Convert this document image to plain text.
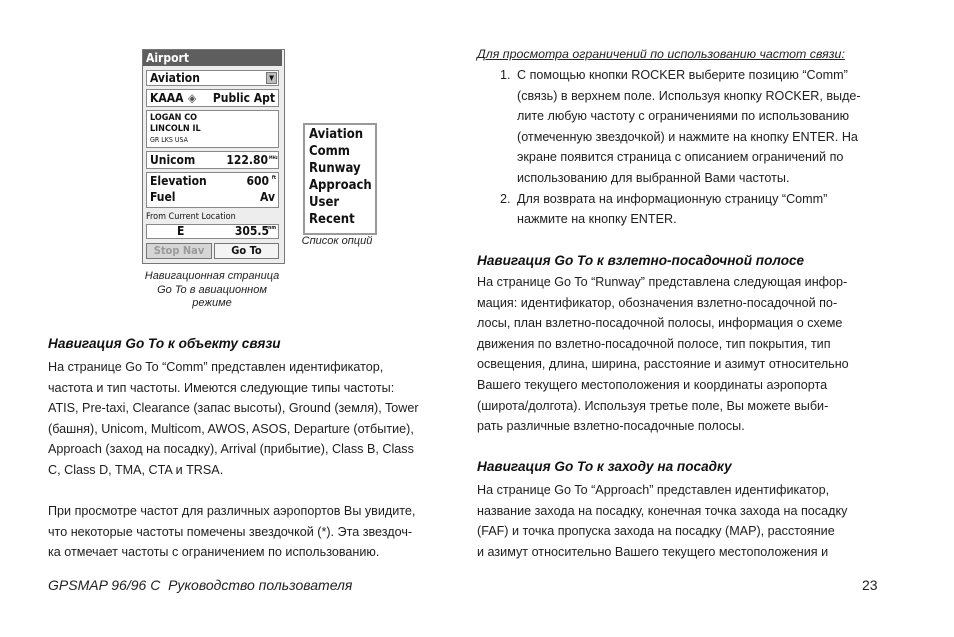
Airport
Aviation	▼
KAAA ◈ Public Apt
LOGAN CO
LINCOLN IL
GR LKS USA
Unicom	122.80 MHz
Elevation	600 ft
Fuel	Av
From Current Location
E	305.5 nm
Stop Nav	Go To
Навигационная страница
Go To в авиационном
режиме
Aviation
Comm
Runway
Approach
User
Recent
Список опций
Навигация Go To к объекту связи
На странице Go To “Comm” представлен идентификатор,
частота и тип частоты. Имеются следующие типы частоты:
ATIS, Pre-taxi, Clearance (запас высоты), Ground (земля), Tower
(башня), Unicom, Multicom, AWOS, ASOS, Departure (отбытие),
Approach (заход на посадку), Arrival (прибытие), Class B, Class
C, Class D, TMA, CTA и TRSA.
При просмотре частот для различных аэропортов Вы увидите,
что некоторые частоты помечены звездочкой (*). Эта звездоч-
ка отмечает частоты с ограничением по использованию.
Для просмотра ограничений по использованию частот связи:
1. С помощью кнопки ROCKER выберите позицию “Comm”
(связь) в верхнем поле. Используя кнопку ROCKER, выде-
лите любую частоту с ограничениями по использованию
(отмеченную звездочкой) и нажмите на кнопку ENTER. На
экране появится страница с описанием ограничений по
использованию для выбранной Вами частоты.
2. Для возврата на информационную страницу “Comm”
нажмите на кнопку ENTER.
Навигация Go To к взлетно-посадочной полосе
На странице Go To “Runway” представлена следующая инфор-
мация: идентификатор, обозначения взлетно-посадочной по-
лосы, план взлетно-посадочной полосы, информация о схеме
движения по взлетно-посадочной полосе, тип покрытия, тип
освещения, длина, ширина, расстояние и азимут относительно
Вашего текущего местоположения и координаты аэропорта
(широта/долгота). Используя третье поле, Вы можете выби-
рать различные взлетно-посадочные полосы.
Навигация Go To к заходу на посадку
На странице Go To “Approach” представлен идентификатор,
название захода на посадку, конечная точка захода на посадку
(FAF) и точка пропуска захода на посадку (MAP), расстояние
и азимут относительно Вашего текущего местоположения и
GPSMAP 96/96 C  Руководство пользователя	23
